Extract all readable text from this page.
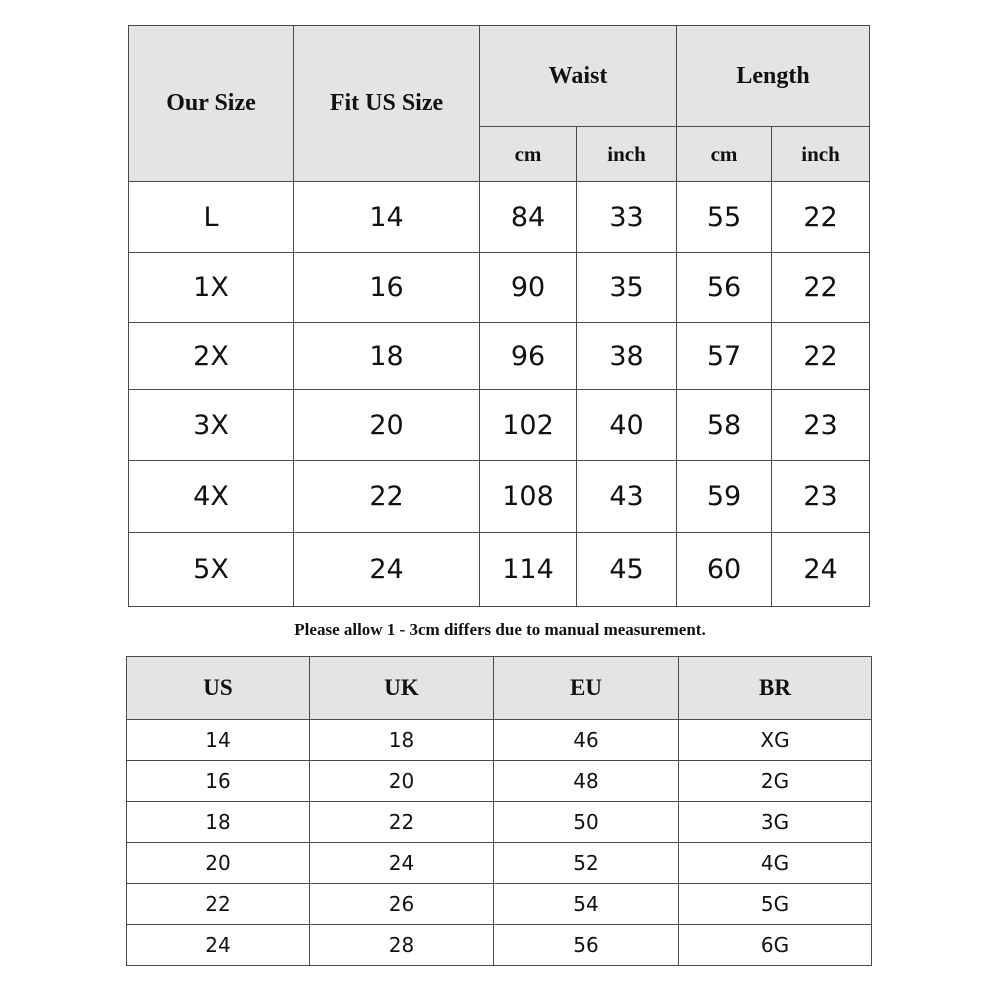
Our Size	Fit US Size	Waist		Length	
		cm	inch	cm	inch
L	14	84	33	55	22
1X	16	90	35	56	22
2X	18	96	38	57	22
3X	20	102	40	58	23
4X	22	108	43	59	23
5X	24	114	45	60	24
Please allow 1 - 3cm differs due to manual measurement.
US	UK	EU	BR
14	18	46	XG
16	20	48	2G
18	22	50	3G
20	24	52	4G
22	26	54	5G
24	28	56	6G
